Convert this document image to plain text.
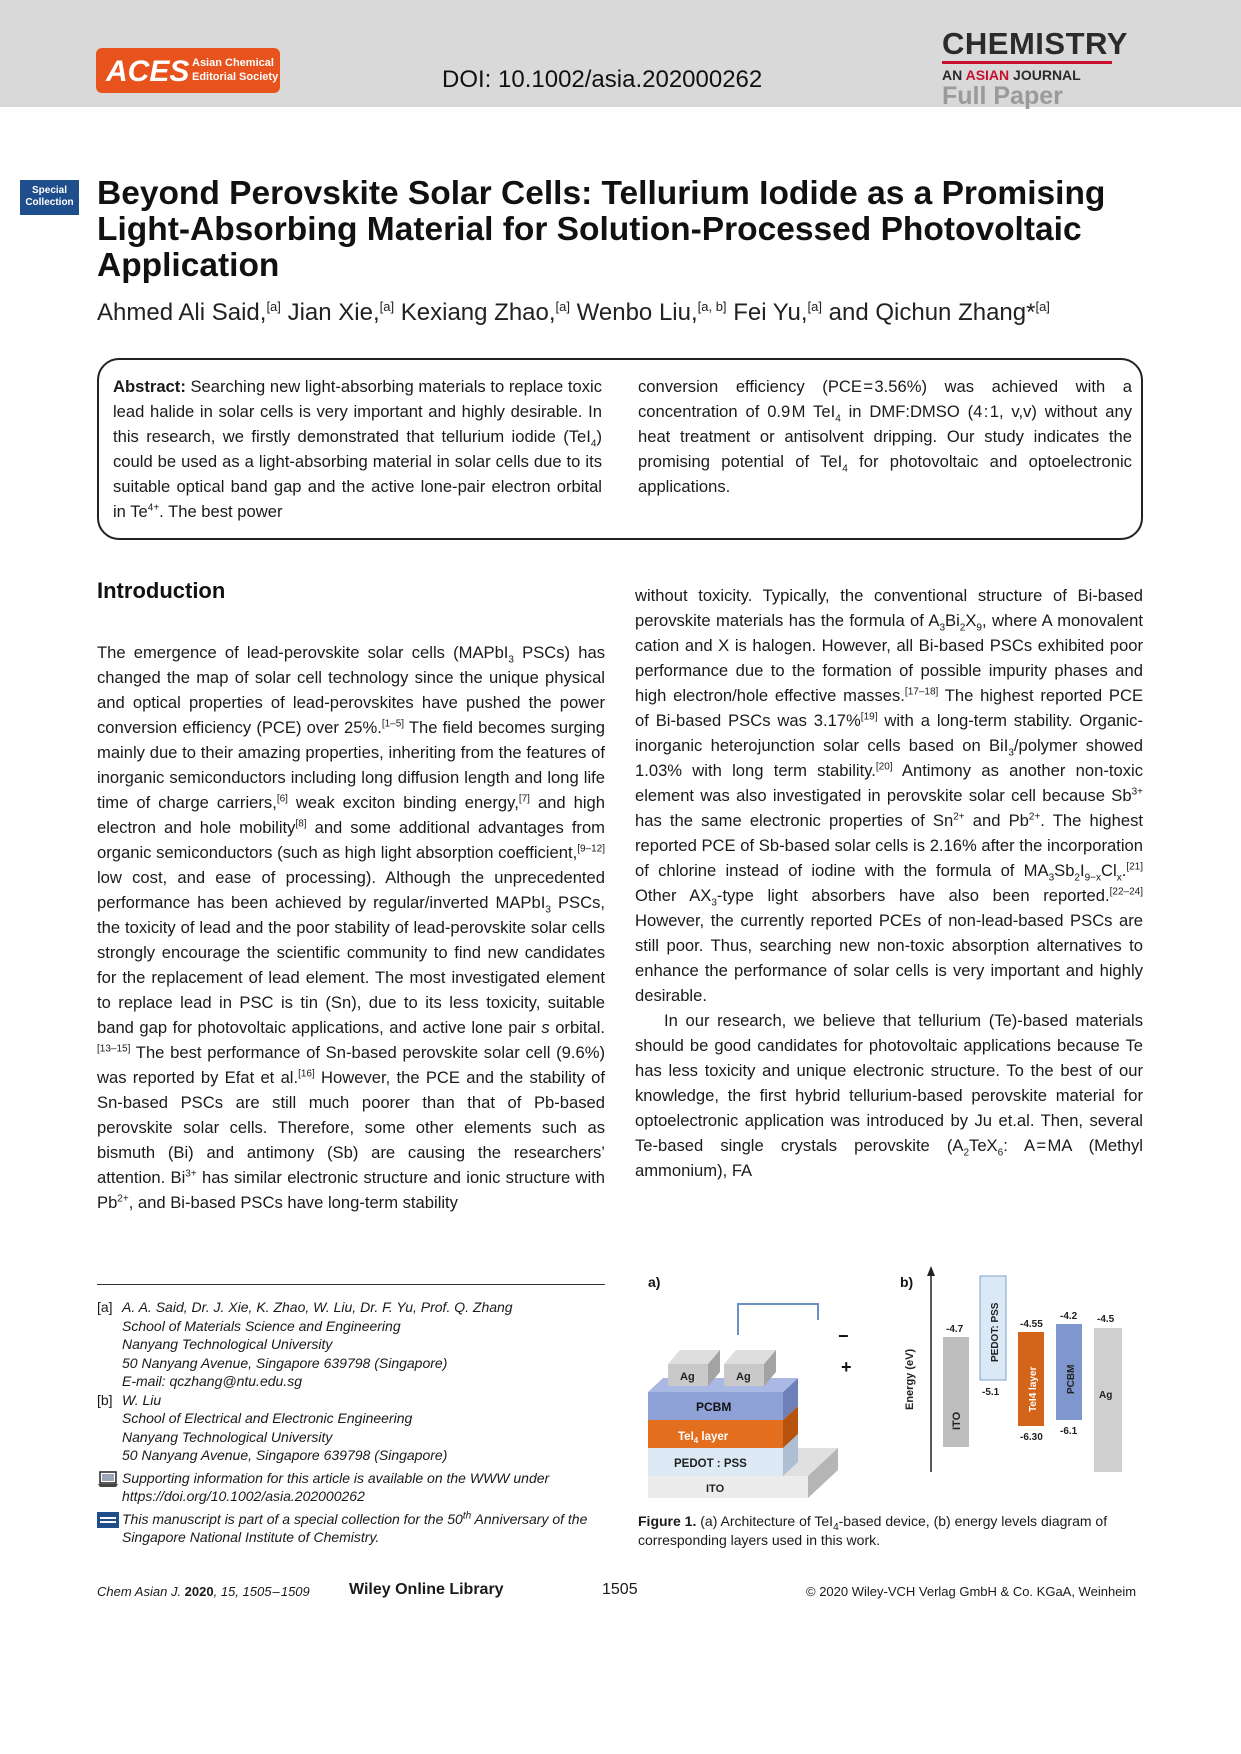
ACES Asian Chemical
Editorial Society	DOI: 10.1002/asia.202000262
CHEMISTRY
AN ASIAN JOURNAL
Full Paper
Special
Collection Beyond Perovskite Solar Cells: Tellurium Iodide as a Promising Light-Absorbing Material for Solution-Processed Photovoltaic Application
Ahmed Ali Said,[a] Jian Xie,[a] Kexiang Zhao,[a] Wenbo Liu,[a, b] Fei Yu,[a] and Qichun Zhang*[a]
Abstract: Searching new light-absorbing materials to replace toxic lead halide in solar cells is very important and highly desirable. In this research, we firstly demonstrated that tellurium iodide (TeI$_4$) could be used as a light-absorbing material in solar cells due to its suitable optical band gap and the active lone-pair electron orbital in $Te^{4+}$. The best power
conversion efficiency (PCE = 3.56%) was achieved with a concentration of 0.9 M TeI$_4$ in DMF:DMSO (4 : 1, v,v) without any heat treatment or antisolvent dripping. Our study indicates the promising potential of TeI$_4$ for photovoltaic and optoelectronic applications.
Introduction
The emergence of lead-perovskite solar cells (MAPbI$_3$ PSCs) has changed the map of solar cell technology since the unique physical and optical properties of lead-perovskites have pushed the power conversion efficiency (PCE) over 25%.[1–5] The field becomes surging mainly due to their amazing properties, inheriting from the features of inorganic semiconductors including long diffusion length and long life time of charge carriers,[6] weak exciton binding energy,[7] and high electron and hole mobility[8] and some additional advantages from organic semiconductors (such as high light absorption coefficient,[9–12] low cost, and ease of processing). Although the unprecedented performance has been achieved by regular/inverted MAPbI$_3$ PSCs, the toxicity of lead and the poor stability of lead-perovskite solar cells strongly encourage the scientific community to find new candidates for the replacement of lead element. The most investigated element to replace lead in PSC is tin (Sn), due to its less toxicity, suitable band gap for photovoltaic applications, and active lone pair s orbital.[13–15] The best performance of Sn-based perovskite solar cell (9.6%) was reported by Efat et al.[16] However, the PCE and the stability of Sn-based PSCs are still much poorer than that of Pb-based perovskite solar cells. Therefore, some other elements such as bismuth (Bi) and antimony (Sb) are causing the researchers’ attention. $Bi^{3+}$ has similar electronic structure and ionic structure with $Pb^{2+}$, and Bi-based PSCs have long-term stability
without toxicity. Typically, the conventional structure of Bi-based perovskite materials has the formula of $A_3Bi_2X_9$, where A monovalent cation and X is halogen. However, all Bi-based PSCs exhibited poor performance due to the formation of possible impurity phases and high electron/hole effective masses.[17–18] The highest reported PCE of Bi-based PSCs was 3.17%[19] with a long-term stability. Organic-inorganic heterojunction solar cells based on BiI$_3$/polymer showed 1.03% with long term stability.[20] Antimony as another non-toxic element was also investigated in perovskite solar cell because $Sb^{3+}$ has the same electronic properties of $Sn^{2+}$ and $Pb^{2+}$. The highest reported PCE of Sb-based solar cells is 2.16% after the incorporation of chlorine instead of iodine with the formula of $MA_3Sb_2I_{9-x}Cl_x.[21]$ Other $AX_3$-type light absorbers have also been reported.[22–24] However, the currently reported PCEs of non-lead-based PSCs are still poor. Thus, searching new non-toxic absorption alternatives to enhance the performance of solar cells is very important and highly desirable.
In our research, we believe that tellurium (Te)-based materials should be good candidates for photovoltaic applications because Te has less toxicity and unique electronic structure. To the best of our knowledge, the first hybrid tellurium-based perovskite material for optoelectronic application was introduced by Ju et.al. Then, several Te-based single crystals perovskite ($A_2TeX_6$: A = MA (Methyl ammonium), FA
[a] A. A. Said, Dr. J. Xie, K. Zhao, W. Liu, Dr. F. Yu, Prof. Q. Zhang
School of Materials Science and Engineering
Nanyang Technological University
50 Nanyang Avenue, Singapore 639798 (Singapore)
E-mail: qczhang@ntu.edu.sg
[b] W. Liu
School of Electrical and Electronic Engineering
Nanyang Technological University
50 Nanyang Avenue, Singapore 639798 (Singapore)
Supporting information for this article is available on the WWW under https://doi.org/10.1002/asia.202000262
This manuscript is part of a special collection for the 50th Anniversary of the Singapore National Institute of Chemistry.
a)
−
+
ITO
PEDOT : PSS
TeI$_4$ layer
PCBM
Ag	Ag
b)
Energy (eV)
-4.7
ITO
-5.1
PEDOT: PSS -4.55
-6.30
TeI4 layer
-4.2
-6.1
PCBM
-4.5
Ag
Figure 1. (a) Architecture of TeI$_4$-based device, (b) energy levels diagram of corresponding layers used in this work.
Chem Asian J. 2020, 15, 1505 – 1509 Wiley Online Library	1505	© 2020 Wiley-VCH Verlag GmbH & Co. KGaA, Weinheim
